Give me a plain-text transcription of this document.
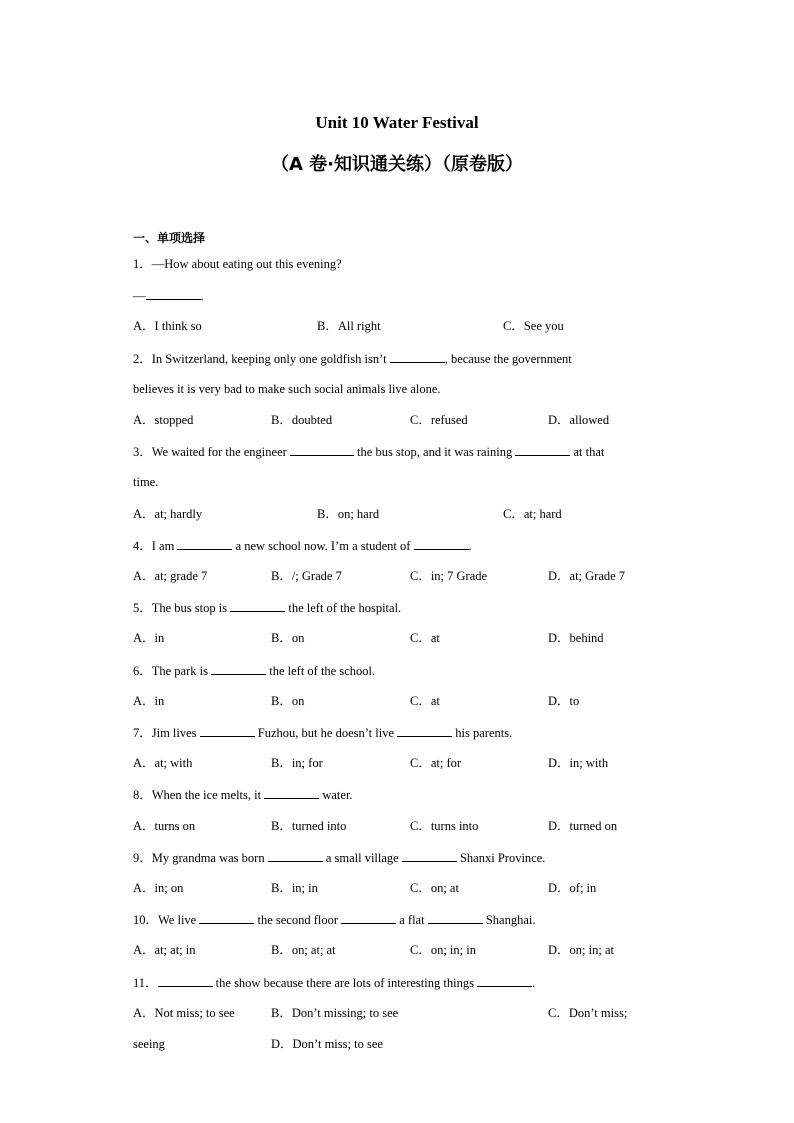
Unit 10 Water Festival
（A 卷·知识通关练）（原卷版）
一、单项选择
1．—How about eating out this evening?
—	.
A．I think so	B．All right	C．See you
2．In Switzerland, keeping only one goldfish isn’t	, because the government
believes it is very bad to make such social animals live alone.
A．stopped	B．doubted	C．refused	D．allowed
3．We waited for the engineer	the bus stop, and it was raining	at that
time.
A．at; hardly	B．on; hard	C．at; hard
4．I am	a new school now. I’m a student of	.
A．at; grade 7	B．/; Grade 7	C．in; 7 Grade	D．at; Grade 7
5．The bus stop is	the left of the hospital.
A．in	B．on	C．at	D．behind
6．The park is	the left of the school.
A．in	B．on	C．at	D．to
7．Jim lives	Fuzhou, but he doesn’t live	his parents.
A．at; with	B．in; for	C．at; for	D．in; with
8．When the ice melts, it	water.
A．turns on	B．turned into	C．turns into	D．turned on
9．My grandma was born	a small village	Shanxi Province.
A．in; on	B．in; in	C．on; at	D．of; in
10．We live	the second floor	a flat	Shanghai.
A．at; at; in	B．on; at; at	C．on; in; in	D．on; in; at
11．	the show because there are lots of interesting things	.
A．Not miss; to see	B．Don’t missing; to see	C．Don’t miss;
seeing	D．Don’t miss; to see
